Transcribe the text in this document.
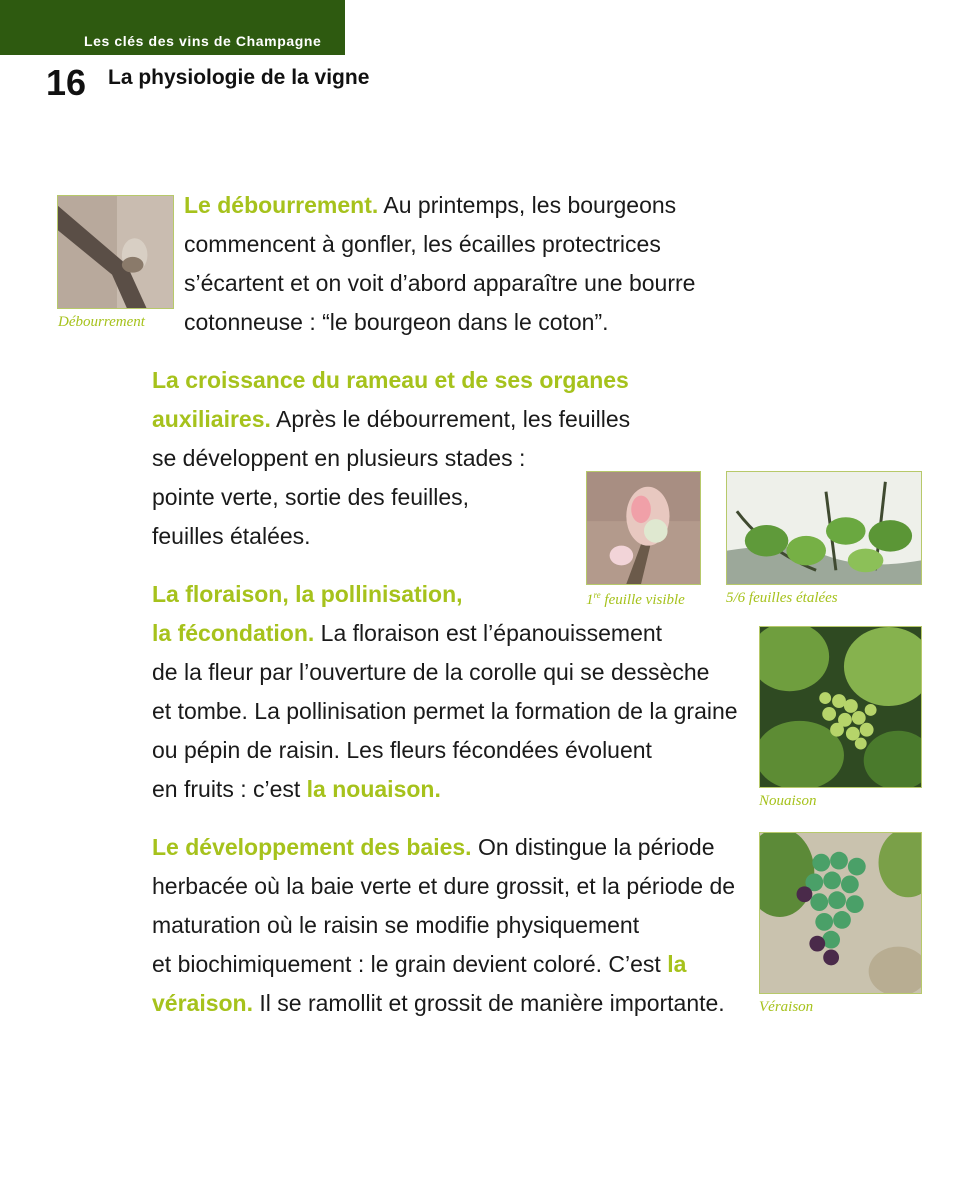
Les clés des vins de Champagne
16 La physiologie de la vigne
Débourrement

Le débourrement. Au printemps, les bourgeons
commencent à gonfler, les écailles protectrices
s’écartent et on voit d’abord apparaître une bourre
cotonneuse : “le bourgeon dans le coton”.

La croissance du rameau et de ses organes
auxiliaires. Après le débourrement, les feuilles
se développent en plusieurs stades :
pointe verte, sortie des feuilles,
feuilles étalées.

1re feuille visible	5/6 feuilles étalées

La floraison, la pollinisation,
la fécondation. La floraison est l’épanouissement
de la fleur par l’ouverture de la corolle qui se dessèche
et tombe. La pollinisation permet la formation de la graine
ou pépin de raisin. Les fleurs fécondées évoluent
en fruits : c’est la nouaison.	Nouaison

Le développement des baies. On distingue la période
herbacée où la baie verte et dure grossit, et la période de
maturation où le raisin se modifie physiquement
et biochimiquement : le grain devient coloré. C’est la
véraison. Il se ramollit et grossit de manière importante.	Véraison
